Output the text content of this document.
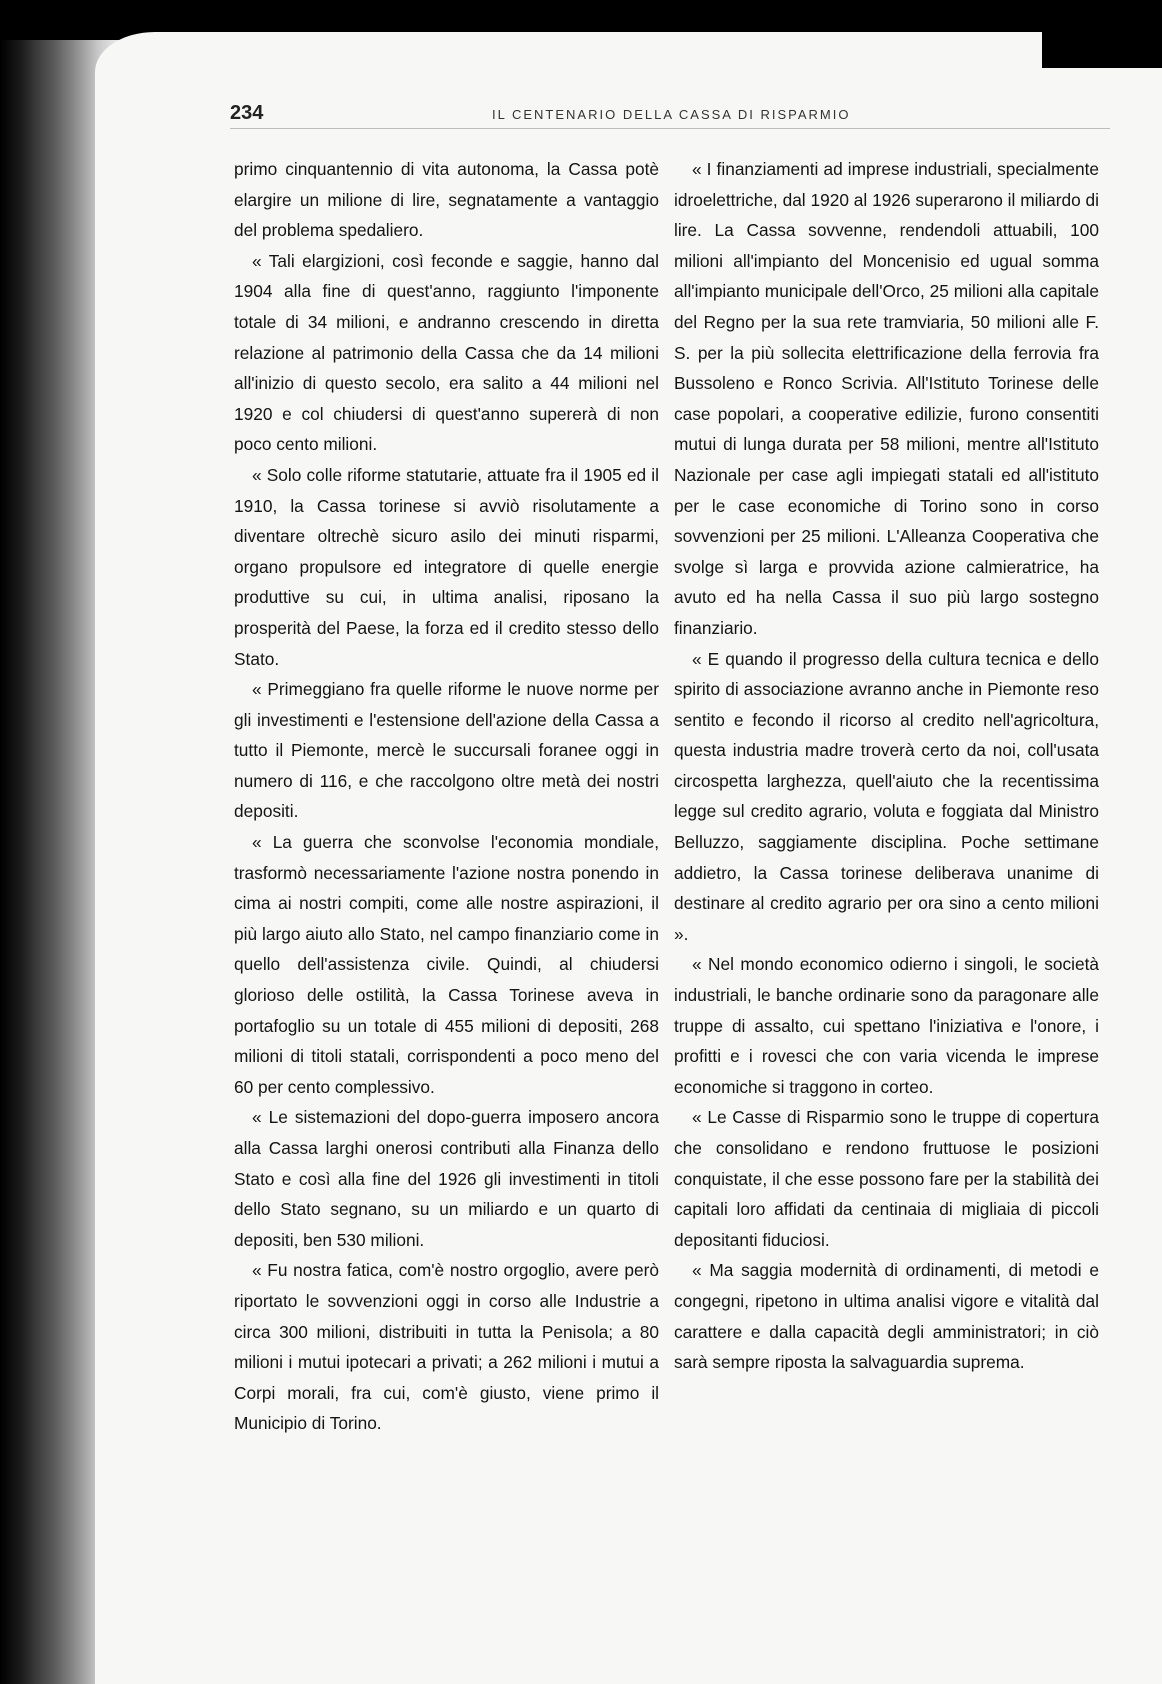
234	IL CENTENARIO DELLA CASSA DI RISPARMIO

primo cinquantennio di vita autonoma, la Cassa potè elargire un milione di lire, segnatamente a vantaggio del problema spedaliero.

« Tali elargizioni, così feconde e saggie, hanno dal 1904 alla fine di quest'anno, raggiunto l'imponente totale di 34 milioni, e andranno crescendo in diretta relazione al patrimonio della Cassa che da 14 milioni all'inizio di questo secolo, era salito a 44 milioni nel 1920 e col chiudersi di quest'anno supererà di non poco cento milioni.

« Solo colle riforme statutarie, attuate fra il 1905 ed il 1910, la Cassa torinese si avviò risolutamente a diventare oltrechè sicuro asilo dei minuti risparmi, organo propulsore ed integratore di quelle energie produttive su cui, in ultima analisi, riposano la prosperità del Paese, la forza ed il credito stesso dello Stato.

« Primeggiano fra quelle riforme le nuove norme per gli investimenti e l'estensione dell'azione della Cassa a tutto il Piemonte, mercè le succursali foranee oggi in numero di 116, e che raccolgono oltre metà dei nostri depositi.

« La guerra che sconvolse l'economia mondiale, trasformò necessariamente l'azione nostra ponendo in cima ai nostri compiti, come alle nostre aspirazioni, il più largo aiuto allo Stato, nel campo finanziario come in quello dell'assistenza civile. Quindi, al chiudersi glorioso delle ostilità, la Cassa Torinese aveva in portafoglio su un totale di 455 milioni di depositi, 268 milioni di titoli statali, corrispondenti a poco meno del 60 per cento complessivo.

« Le sistemazioni del dopo-guerra imposero ancora alla Cassa larghi onerosi contributi alla Finanza dello Stato e così alla fine del 1926 gli investimenti in titoli dello Stato segnano, su un miliardo e un quarto di depositi, ben 530 milioni.

« Fu nostra fatica, com'è nostro orgoglio, avere però riportato le sovvenzioni oggi in corso alle Industrie a circa 300 milioni, distribuiti in tutta la Penisola; a 80 milioni i mutui ipotecari a privati; a 262 milioni i mutui a Corpi morali, fra cui, com'è giusto, viene primo il Municipio di Torino.

« I finanziamenti ad imprese industriali, specialmente idroelettriche, dal 1920 al 1926 superarono il miliardo di lire. La Cassa sovvenne, rendendoli attuabili, 100 milioni all'impianto del Moncenisio ed ugual somma all'impianto municipale dell'Orco, 25 milioni alla capitale del Regno per la sua rete tramviaria, 50 milioni alle F. S. per la più sollecita elettrificazione della ferrovia fra Bussoleno e Ronco Scrivia. All'Istituto Torinese delle case popolari, a cooperative edilizie, furono consentiti mutui di lunga durata per 58 milioni, mentre all'Istituto Nazionale per case agli impiegati statali ed all'istituto per le case economiche di Torino sono in corso sovvenzioni per 25 milioni. L'Alleanza Cooperativa che svolge sì larga e provvida azione calmieratrice, ha avuto ed ha nella Cassa il suo più largo sostegno finanziario.

« E quando il progresso della cultura tecnica e dello spirito di associazione avranno anche in Piemonte reso sentito e fecondo il ricorso al credito nell'agricoltura, questa industria madre troverà certo da noi, coll'usata circospetta larghezza, quell'aiuto che la recentissima legge sul credito agrario, voluta e foggiata dal Ministro Belluzzo, saggiamente disciplina. Poche settimane addietro, la Cassa torinese deliberava unanime di destinare al credito agrario per ora sino a cento milioni ».

« Nel mondo economico odierno i singoli, le società industriali, le banche ordinarie sono da paragonare alle truppe di assalto, cui spettano l'iniziativa e l'onore, i profitti e i rovesci che con varia vicenda le imprese economiche si traggono in corteo.

« Le Casse di Risparmio sono le truppe di copertura che consolidano e rendono fruttuose le posizioni conquistate, il che esse possono fare per la stabilità dei capitali loro affidati da centinaia di migliaia di piccoli depositanti fiduciosi.

« Ma saggia modernità di ordinamenti, di metodi e congegni, ripetono in ultima analisi vigore e vitalità dal carattere e dalla capacità degli amministratori; in ciò sarà sempre riposta la salvaguardia suprema.
